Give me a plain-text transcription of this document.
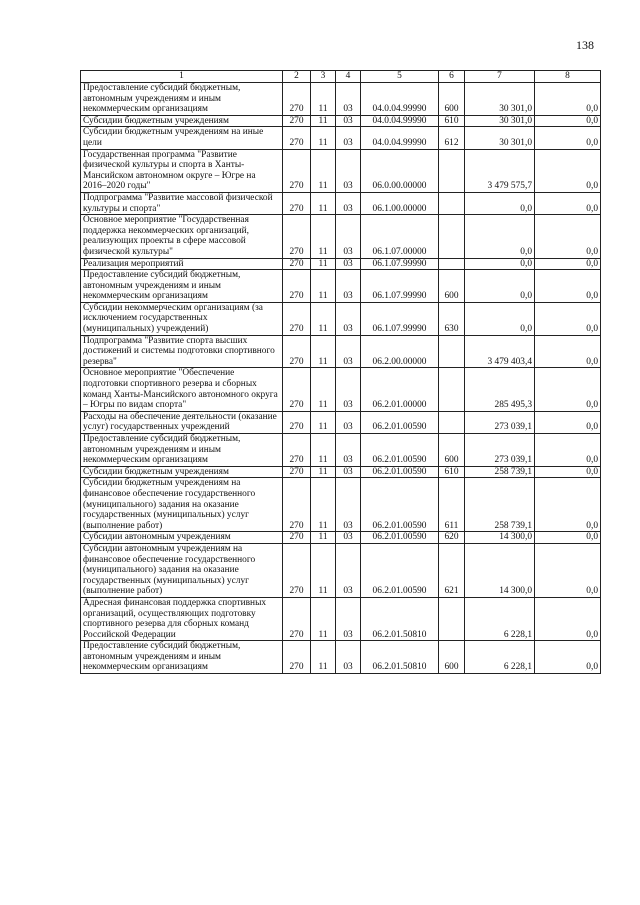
138
1	2	3	4	5	6	7	8
Предоставление субсидий бюджетным, автономным учреждениям и иным некоммерческим организациям	270	11	03	04.0.04.99990	600	30 301,0	0,0
Субсидии бюджетным учреждениям	270	11	03	04.0.04.99990	610	30 301,0	0,0
Субсидии бюджетным учреждениям на иные цели	270	11	03	04.0.04.99990	612	30 301,0	0,0
Государственная программа "Развитие физической культуры и спорта в Ханты-Мансийском автономном округе – Югре на 2016–2020 годы"	270	11	03	06.0.00.00000		3 479 575,7	0,0
Подпрограмма "Развитие массовой физической культуры и спорта"	270	11	03	06.1.00.00000		0,0	0,0
Основное мероприятие "Государственная поддержка некоммерческих организаций, реализующих проекты в сфере массовой физической культуры"	270	11	03	06.1.07.00000		0,0	0,0
Реализация мероприятий	270	11	03	06.1.07.99990		0,0	0,0
Предоставление субсидий бюджетным, автономным учреждениям и иным некоммерческим организациям	270	11	03	06.1.07.99990	600	0,0	0,0
Субсидии некоммерческим организациям (за исключением государственных (муниципальных) учреждений)	270	11	03	06.1.07.99990	630	0,0	0,0
Подпрограмма "Развитие спорта высших достижений и системы подготовки спортивного резерва"	270	11	03	06.2.00.00000		3 479 403,4	0,0
Основное мероприятие "Обеспечение подготовки спортивного резерва и сборных команд Ханты-Мансийского автономного округа – Югры по видам спорта"	270	11	03	06.2.01.00000		285 495,3	0,0
Расходы на обеспечение деятельности (оказание услуг) государственных учреждений	270	11	03	06.2.01.00590		273 039,1	0,0
Предоставление субсидий бюджетным, автономным учреждениям и иным некоммерческим организациям	270	11	03	06.2.01.00590	600	273 039,1	0,0
Субсидии бюджетным учреждениям	270	11	03	06.2.01.00590	610	258 739,1	0,0
Субсидии бюджетным учреждениям на финансовое обеспечение государственного (муниципального) задания на оказание государственных (муниципальных) услуг (выполнение работ)	270	11	03	06.2.01.00590	611	258 739,1	0,0
Субсидии автономным учреждениям	270	11	03	06.2.01.00590	620	14 300,0	0,0
Субсидии автономным учреждениям на финансовое обеспечение государственного (муниципального) задания на оказание государственных (муниципальных) услуг (выполнение работ)	270	11	03	06.2.01.00590	621	14 300,0	0,0
Адресная финансовая поддержка спортивных организаций, осуществляющих подготовку спортивного резерва для сборных команд Российской Федерации	270	11	03	06.2.01.50810		6 228,1	0,0
Предоставление субсидий бюджетным, автономным учреждениям и иным некоммерческим организациям	270	11	03	06.2.01.50810	600	6 228,1	0,0
